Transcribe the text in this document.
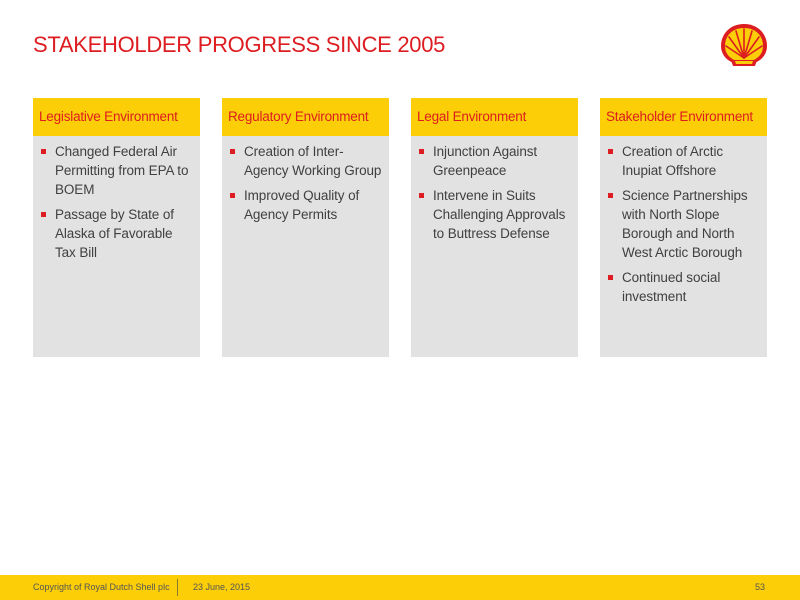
STAKEHOLDER PROGRESS SINCE 2005
Legislative Environment
Changed Federal Air Permitting from EPA to BOEM
Passage by State of Alaska of Favorable Tax Bill
Regulatory Environment
Creation of Inter-Agency Working Group
Improved Quality of Agency Permits
Legal Environment
Injunction Against Greenpeace
Intervene in Suits Challenging Approvals to Buttress Defense
Stakeholder Environment
Creation of Arctic Inupiat Offshore
Science Partnerships with North Slope Borough and North West Arctic Borough
Continued social investment
Copyright of Royal Dutch Shell plc	23 June, 2015	53
